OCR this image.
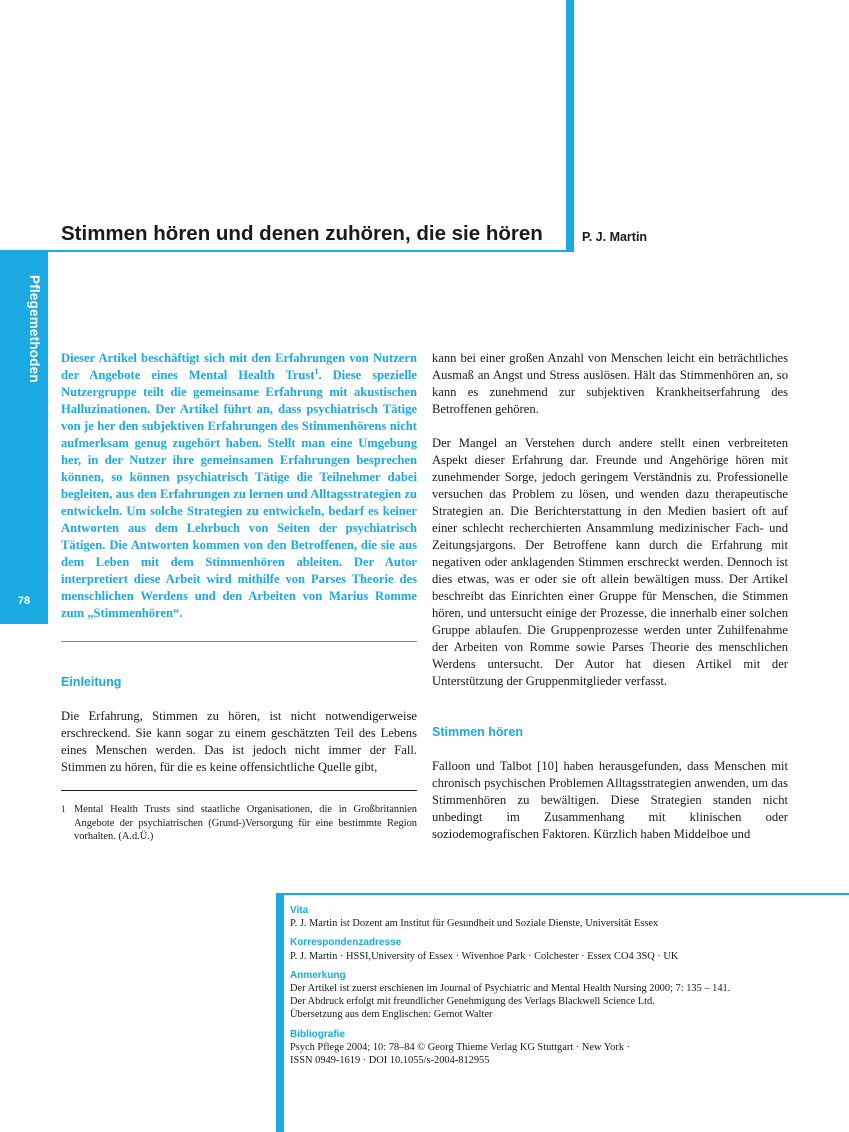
Stimmen hören und denen zuhören, die sie hören	P. J. Martin
Pflegemethoden
78

Dieser Artikel beschäftigt sich mit den Erfahrungen von Nutzern der Angebote eines Mental Health Trust$^1$. Diese spezielle Nutzergruppe teilt die gemeinsame Erfahrung mit akustischen Halluzinationen. Der Artikel führt an, dass psychiatrisch Tätige von je her den subjektiven Erfahrungen des Stimmenhörens nicht aufmerksam genug zugehört haben. Stellt man eine Umgebung her, in der Nutzer ihre gemeinsamen Erfahrungen besprechen können, so können psychiatrisch Tätige die Teilnehmer dabei begleiten, aus den Erfahrungen zu lernen und Alltagsstrategien zu entwickeln. Um solche Strategien zu entwickeln, bedarf es keiner Antworten aus dem Lehrbuch von Seiten der psychiatrisch Tätigen. Die Antworten kommen von den Betroffenen, die sie aus dem Leben mit dem Stimmenhören ableiten. Der Autor interpretiert diese Arbeit wird mithilfe von Parses Theorie des menschlichen Werdens und den Arbeiten von Marius Romme zum „Stimmenhören“.

Einleitung

Die Erfahrung, Stimmen zu hören, ist nicht notwendigerweise erschreckend. Sie kann sogar zu einem geschätzten Teil des Lebens eines Menschen werden. Das ist jedoch nicht immer der Fall. Stimmen zu hören, für die es keine offensichtliche Quelle gibt,

1 Mental Health Trusts sind staatliche Organisationen, die in Großbritannien Angebote der psychiatrischen (Grund-)Versorgung für eine bestimmte Region vorhalten. (A.d.Ü.)

kann bei einer großen Anzahl von Menschen leicht ein beträchtliches Ausmaß an Angst und Stress auslösen. Hält das Stimmenhören an, so kann es zunehmend zur subjektiven Krankheitserfahrung des Betroffenen gehören.

Der Mangel an Verstehen durch andere stellt einen verbreiteten Aspekt dieser Erfahrung dar. Freunde und Angehörige hören mit zunehmender Sorge, jedoch geringem Verständnis zu. Professionelle versuchen das Problem zu lösen, und wenden dazu therapeutische Strategien an. Die Berichterstattung in den Medien basiert oft auf einer schlecht recherchierten Ansammlung medizinischer Fach- und Zeitungsjargons. Der Betroffene kann durch die Erfahrung mit negativen oder anklagenden Stimmen erschreckt werden. Dennoch ist dies etwas, was er oder sie oft allein bewältigen muss. Der Artikel beschreibt das Einrichten einer Gruppe für Menschen, die Stimmen hören, und untersucht einige der Prozesse, die innerhalb einer solchen Gruppe ablaufen. Die Gruppenprozesse werden unter Zuhilfenahme der Arbeiten von Romme sowie Parses Theorie des menschlichen Werdens untersucht. Der Autor hat diesen Artikel mit der Unterstützung der Gruppenmitglieder verfasst.

Stimmen hören

Falloon und Talbot [10] haben herausgefunden, dass Menschen mit chronisch psychischen Problemen Alltagsstrategien anwenden, um das Stimmenhören zu bewältigen. Diese Strategien standen nicht unbedingt im Zusammenhang mit klinischen oder soziodemografischen Faktoren. Kürzlich haben Middelboe und

Vita
P. J. Martin ist Dozent am Institut für Gesundheit und Soziale Dienste, Universität Essex
Korrespondenzadresse
P. J. Martin · HSSI,University of Essex · Wivenhoe Park · Colchester · Essex CO4 3SQ · UK
Anmerkung
Der Artikel ist zuerst erschienen im Journal of Psychiatric and Mental Health Nursing 2000; 7: 135 – 141.
Der Abdruck erfolgt mit freundlicher Genehmigung des Verlags Blackwell Science Ltd.
Übersetzung aus dem Englischen: Gernot Walter
Bibliografie
Psych Pflege 2004; 10: 78–84 © Georg Thieme Verlag KG Stuttgart · New York ·
ISSN 0949-1619 · DOI 10.1055/s-2004-812955
